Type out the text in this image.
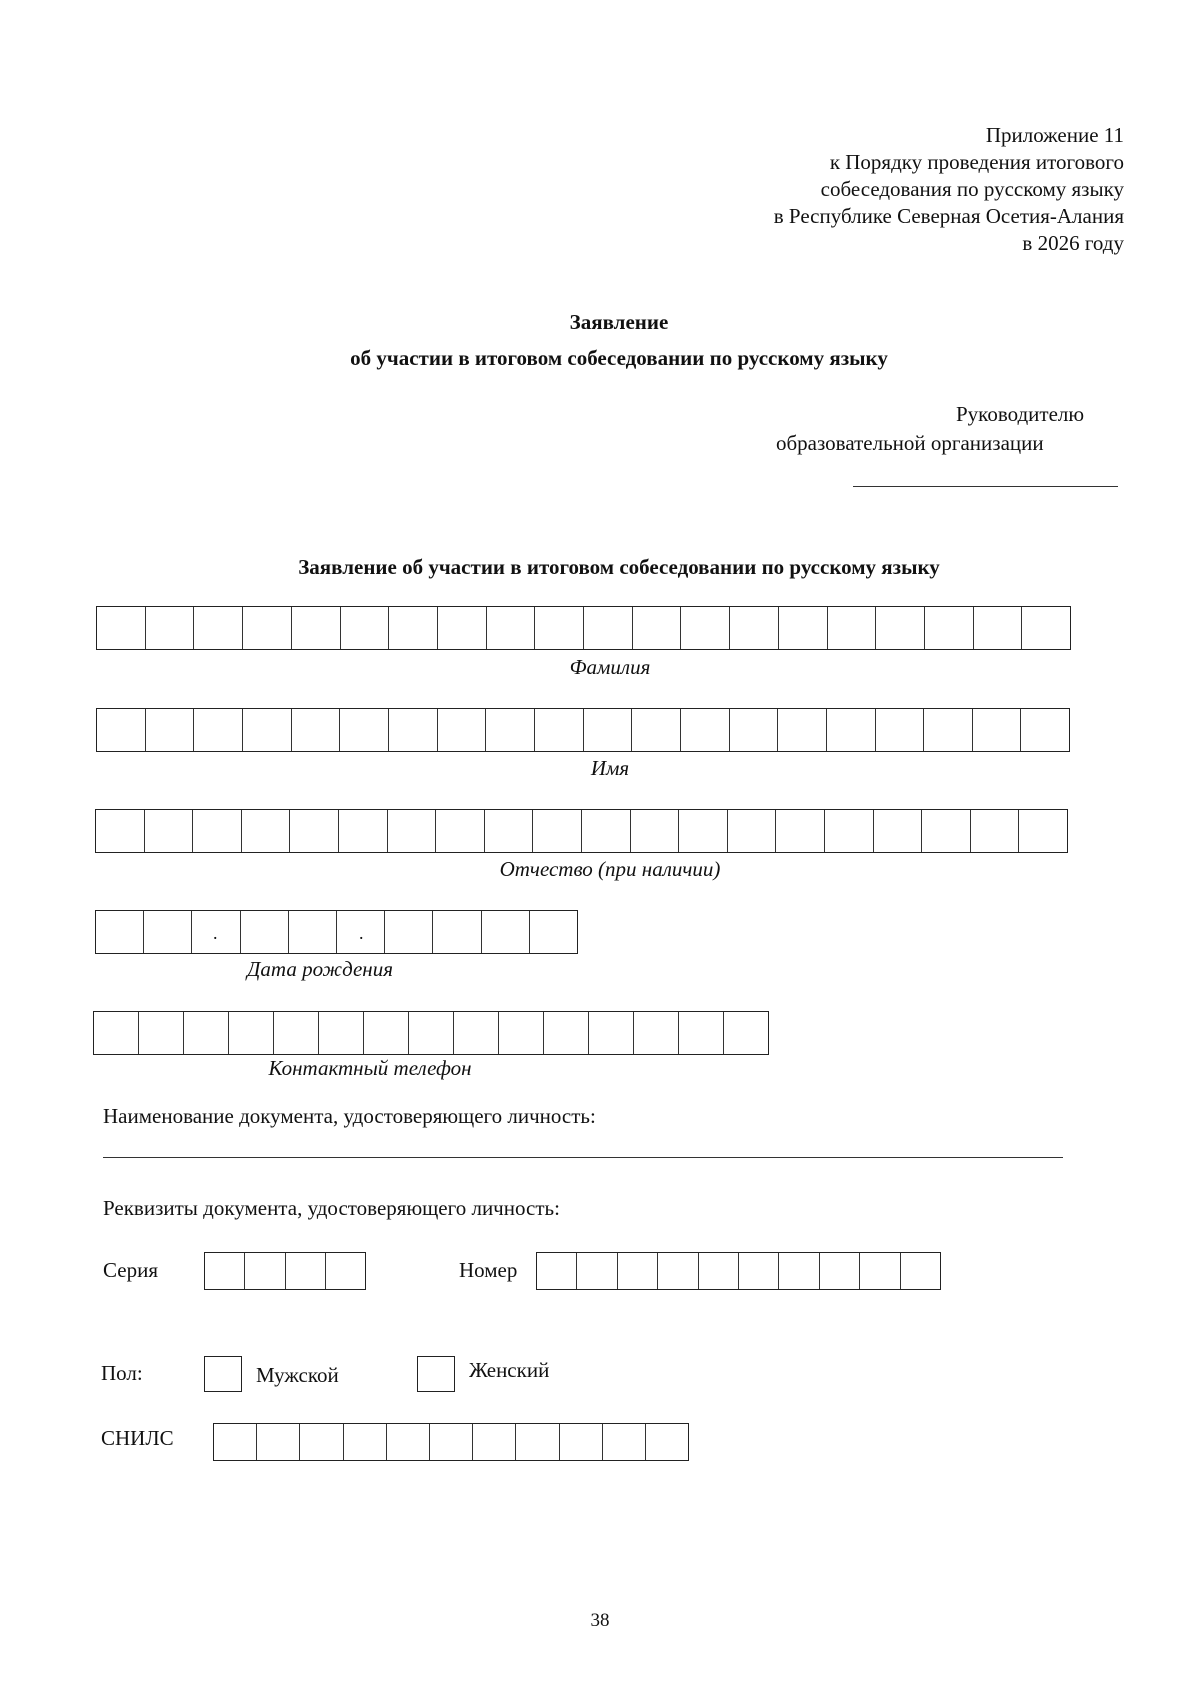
Приложение 11
к Порядку проведения итогового
собеседования по русскому языку
в Республике Северная Осетия-Алания
в 2026 году
Заявление
об участии в итоговом собеседовании по русскому языку
Руководителю
образовательной организации
Заявление об участии в итоговом собеседовании по русскому языку
Фамилия
Имя
Отчество (при наличии)
.	.
Дата рождения
Контактный телефон
Наименование документа, удостоверяющего личность:
Реквизиты документа, удостоверяющего личность:
Серия	Номер
Пол:	Мужской	Женский
СНИЛС
38
